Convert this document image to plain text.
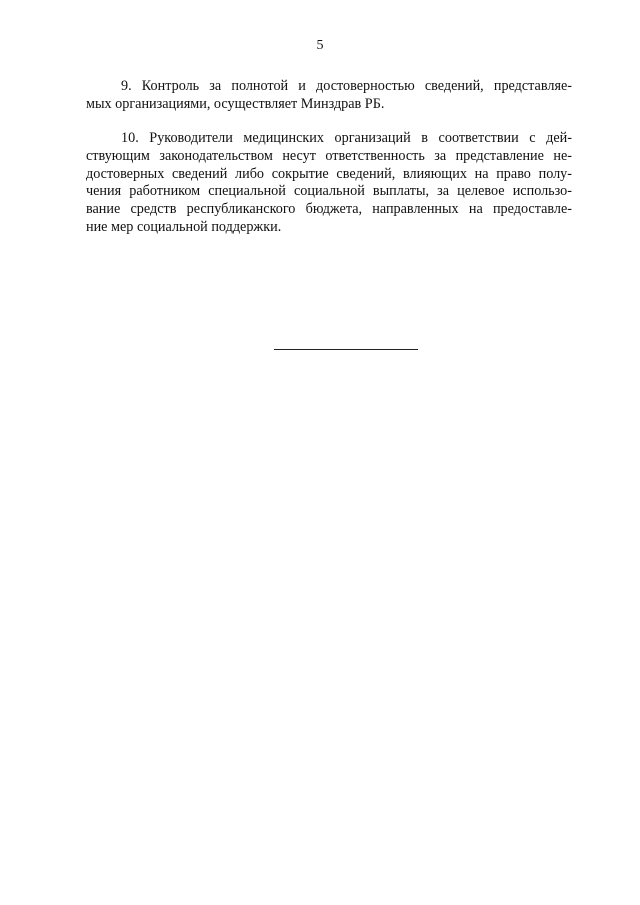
5

9. Контроль за полнотой и достоверностью сведений, представляе-
мых организациями, осуществляет Минздрав РБ.

10. Руководители медицинских организаций в соответствии с дей-
ствующим законодательством несут ответственность за представление не-
достоверных сведений либо сокрытие сведений, влияющих на право полу-
чения работником специальной социальной выплаты, за целевое использо-
вание средств республиканского бюджета, направленных на предоставле-
ние мер социальной поддержки.
